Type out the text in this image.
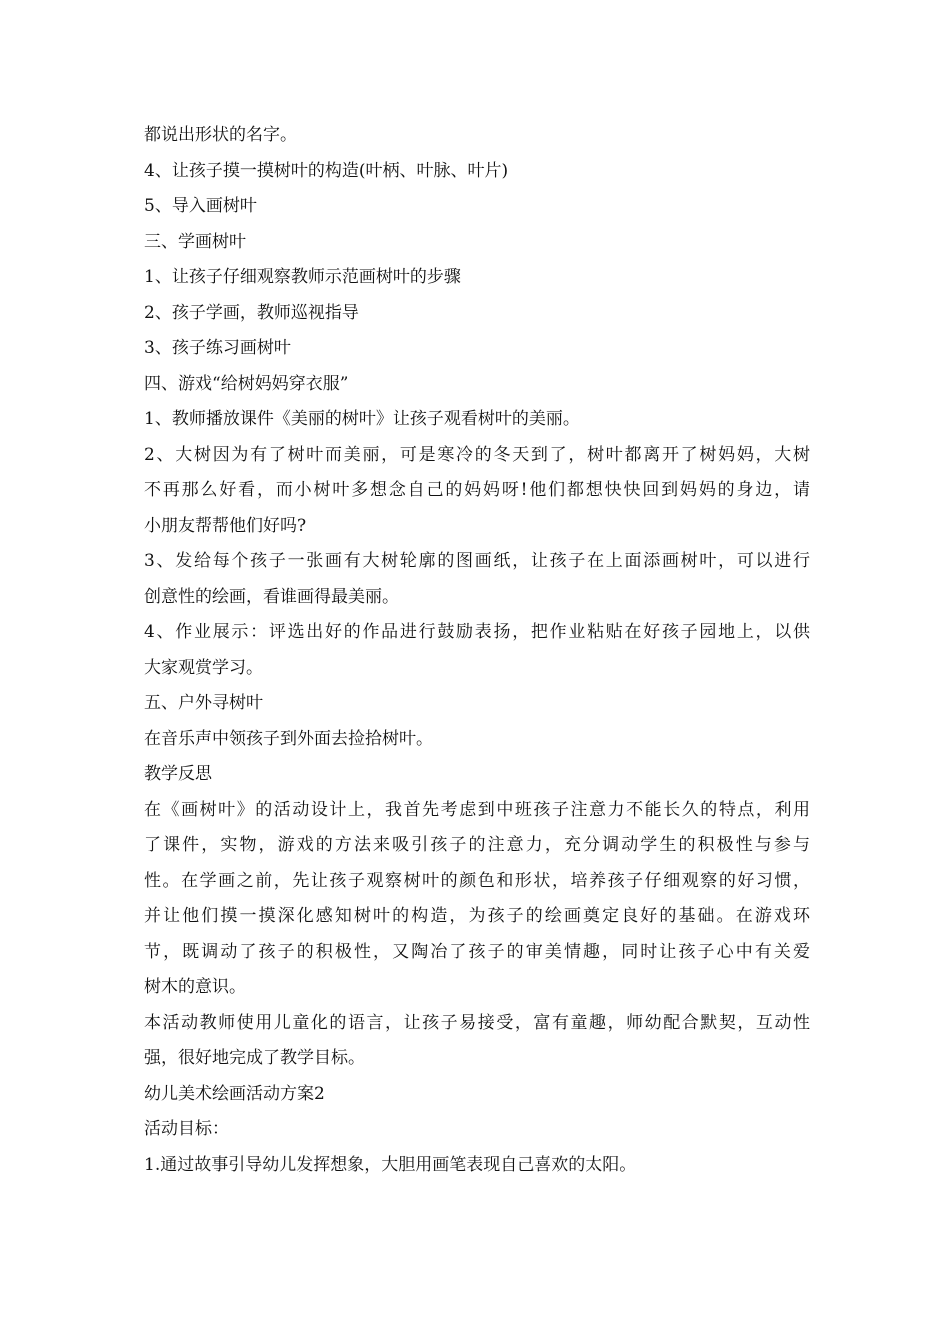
都说出形状的名字。
4、让孩子摸一摸树叶的构造(叶柄、叶脉、叶片)
5、导入画树叶
三、学画树叶
1、让孩子仔细观察教师示范画树叶的步骤
2、孩子学画，教师巡视指导
3、孩子练习画树叶
四、游戏“给树妈妈穿衣服”
1、教师播放课件《美丽的树叶》让孩子观看树叶的美丽。
2、大树因为有了树叶而美丽，可是寒冷的冬天到了，树叶都离开了树妈妈，大树
不再那么好看，而小树叶多想念自己的妈妈呀!他们都想快快回到妈妈的身边，请
小朋友帮帮他们好吗?
3、发给每个孩子一张画有大树轮廓的图画纸，让孩子在上面添画树叶，可以进行
创意性的绘画，看谁画得最美丽。
4、作业展示：评选出好的作品进行鼓励表扬，把作业粘贴在好孩子园地上，以供
大家观赏学习。
五、户外寻树叶
在音乐声中领孩子到外面去捡拾树叶。
教学反思
在《画树叶》的活动设计上，我首先考虑到中班孩子注意力不能长久的特点，利用
了课件，实物，游戏的方法来吸引孩子的注意力，充分调动学生的积极性与参与
性。在学画之前，先让孩子观察树叶的颜色和形状，培养孩子仔细观察的好习惯，
并让他们摸一摸深化感知树叶的构造，为孩子的绘画奠定良好的基础。在游戏环
节，既调动了孩子的积极性，又陶冶了孩子的审美情趣，同时让孩子心中有关爱
树木的意识。
本活动教师使用儿童化的语言，让孩子易接受，富有童趣，师幼配合默契，互动性
强，很好地完成了教学目标。
幼儿美术绘画活动方案2
活动目标：
1.通过故事引导幼儿发挥想象，大胆用画笔表现自己喜欢的太阳。
